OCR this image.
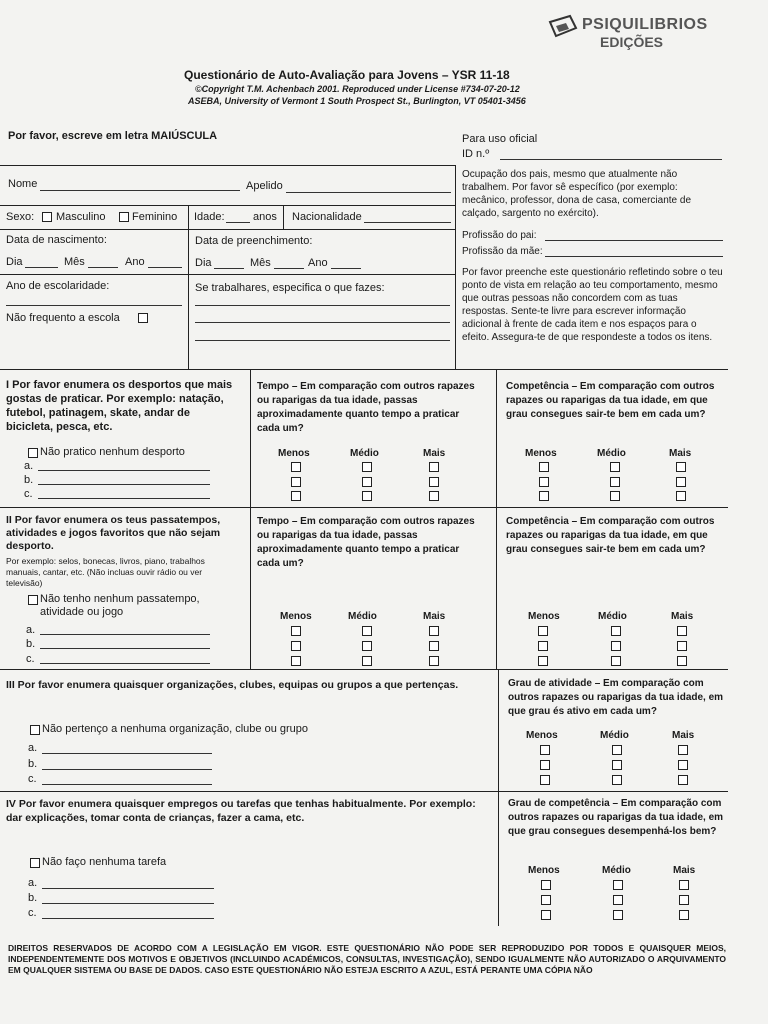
PSIQUILIBRIOS
EDIÇÕES
Questionário de Auto-Avaliação para Jovens – YSR 11-18
©Copyright T.M. Achenbach 2001. Reproduced under License #734-07-20-12
ASEBA, University of Vermont 1 South Prospect St., Burlington, VT 05401-3456
Por favor, escreve em letra MAIÚSCULA	Para uso oficial
ID n.º
Nome	Apelido
Sexo: Masculino Feminino Idade:	anos Nacionalidade
Data de nascimento:
Dia	Mês	Ano
Data de preenchimento:
Dia	Mês	Ano
Ano de escolaridade:
Não frequento a escola
Se trabalhares, especifica o que fazes:
Ocupação dos pais, mesmo que atualmente não trabalhem. Por favor sê específico (por exemplo: mecânico, professor, dona de casa, comerciante de calçado, sargento no exército).
Profissão do pai:
Profissão da mãe:
Por favor preenche este questionário refletindo sobre o teu ponto de vista em relação ao teu comportamento, mesmo que outras pessoas não concordem com as tuas respostas. Sente-te livre para escrever informação adicional à frente de cada item e nos espaços para o efeito. Assegura-te de que respondeste a todos os itens.
I Por favor enumera os desportos que mais gostas de praticar. Por exemplo: natação, futebol, patinagem, skate, andar de bicicleta, pesca, etc.
Tempo – Em comparação com outros rapazes ou raparigas da tua idade, passas aproximadamente quanto tempo a praticar cada um?
Competência – Em comparação com outros rapazes ou raparigas da tua idade, em que grau consegues sair-te bem em cada um?
Não pratico nenhum desporto
a.
b.
c.
Menos	Médio	Mais	Menos	Médio	Mais
II Por favor enumera os teus passatempos, atividades e jogos favoritos que não sejam desporto.
Por exemplo: selos, bonecas, livros, piano, trabalhos manuais, cantar, etc. (Não incluas ouvir rádio ou ver televisão)
Tempo – Em comparação com outros rapazes ou raparigas da tua idade, passas aproximadamente quanto tempo a praticar cada um?
Competência – Em comparação com outros rapazes ou raparigas da tua idade, em que grau consegues sair-te bem em cada um?
Não tenho nenhum passatempo, atividade ou jogo
a.
b.
c.
Menos	Médio	Mais	Menos	Médio	Mais
III Por favor enumera quaisquer organizações, clubes, equipas ou grupos a que pertenças.	Grau de atividade – Em comparação com outros rapazes ou raparigas da tua idade, em que grau és ativo em cada um?
Não pertenço a nenhuma organização, clube ou grupo
a.
b.
c.
Menos	Médio	Mais
IV Por favor enumera quaisquer empregos ou tarefas que tenhas habitualmente. Por exemplo: dar explicações, tomar conta de crianças, fazer a cama, etc.
Grau de competência – Em comparação com outros rapazes ou raparigas da tua idade, em que grau consegues desempenhá-los bem?
Não faço nenhuma tarefa
a.
b.
c.
Menos	Médio	Mais
DIREITOS RESERVADOS DE ACORDO COM A LEGISLAÇÃO EM VIGOR. ESTE QUESTIONÁRIO NÃO PODE SER REPRODUZIDO POR TODOS E QUAISQUER MEIOS, INDEPENDENTEMENTE DOS MOTIVOS E OBJETIVOS (INCLUINDO ACADÉMICOS, CONSULTAS, INVESTIGAÇÃO), SENDO IGUALMENTE NÃO AUTORIZADO O ARQUIVAMENTO EM QUALQUER SISTEMA OU BASE DE DADOS. CASO ESTE QUESTIONÁRIO NÃO ESTEJA ESCRITO A AZUL, ESTÁ PERANTE UMA CÓPIA NÃO
